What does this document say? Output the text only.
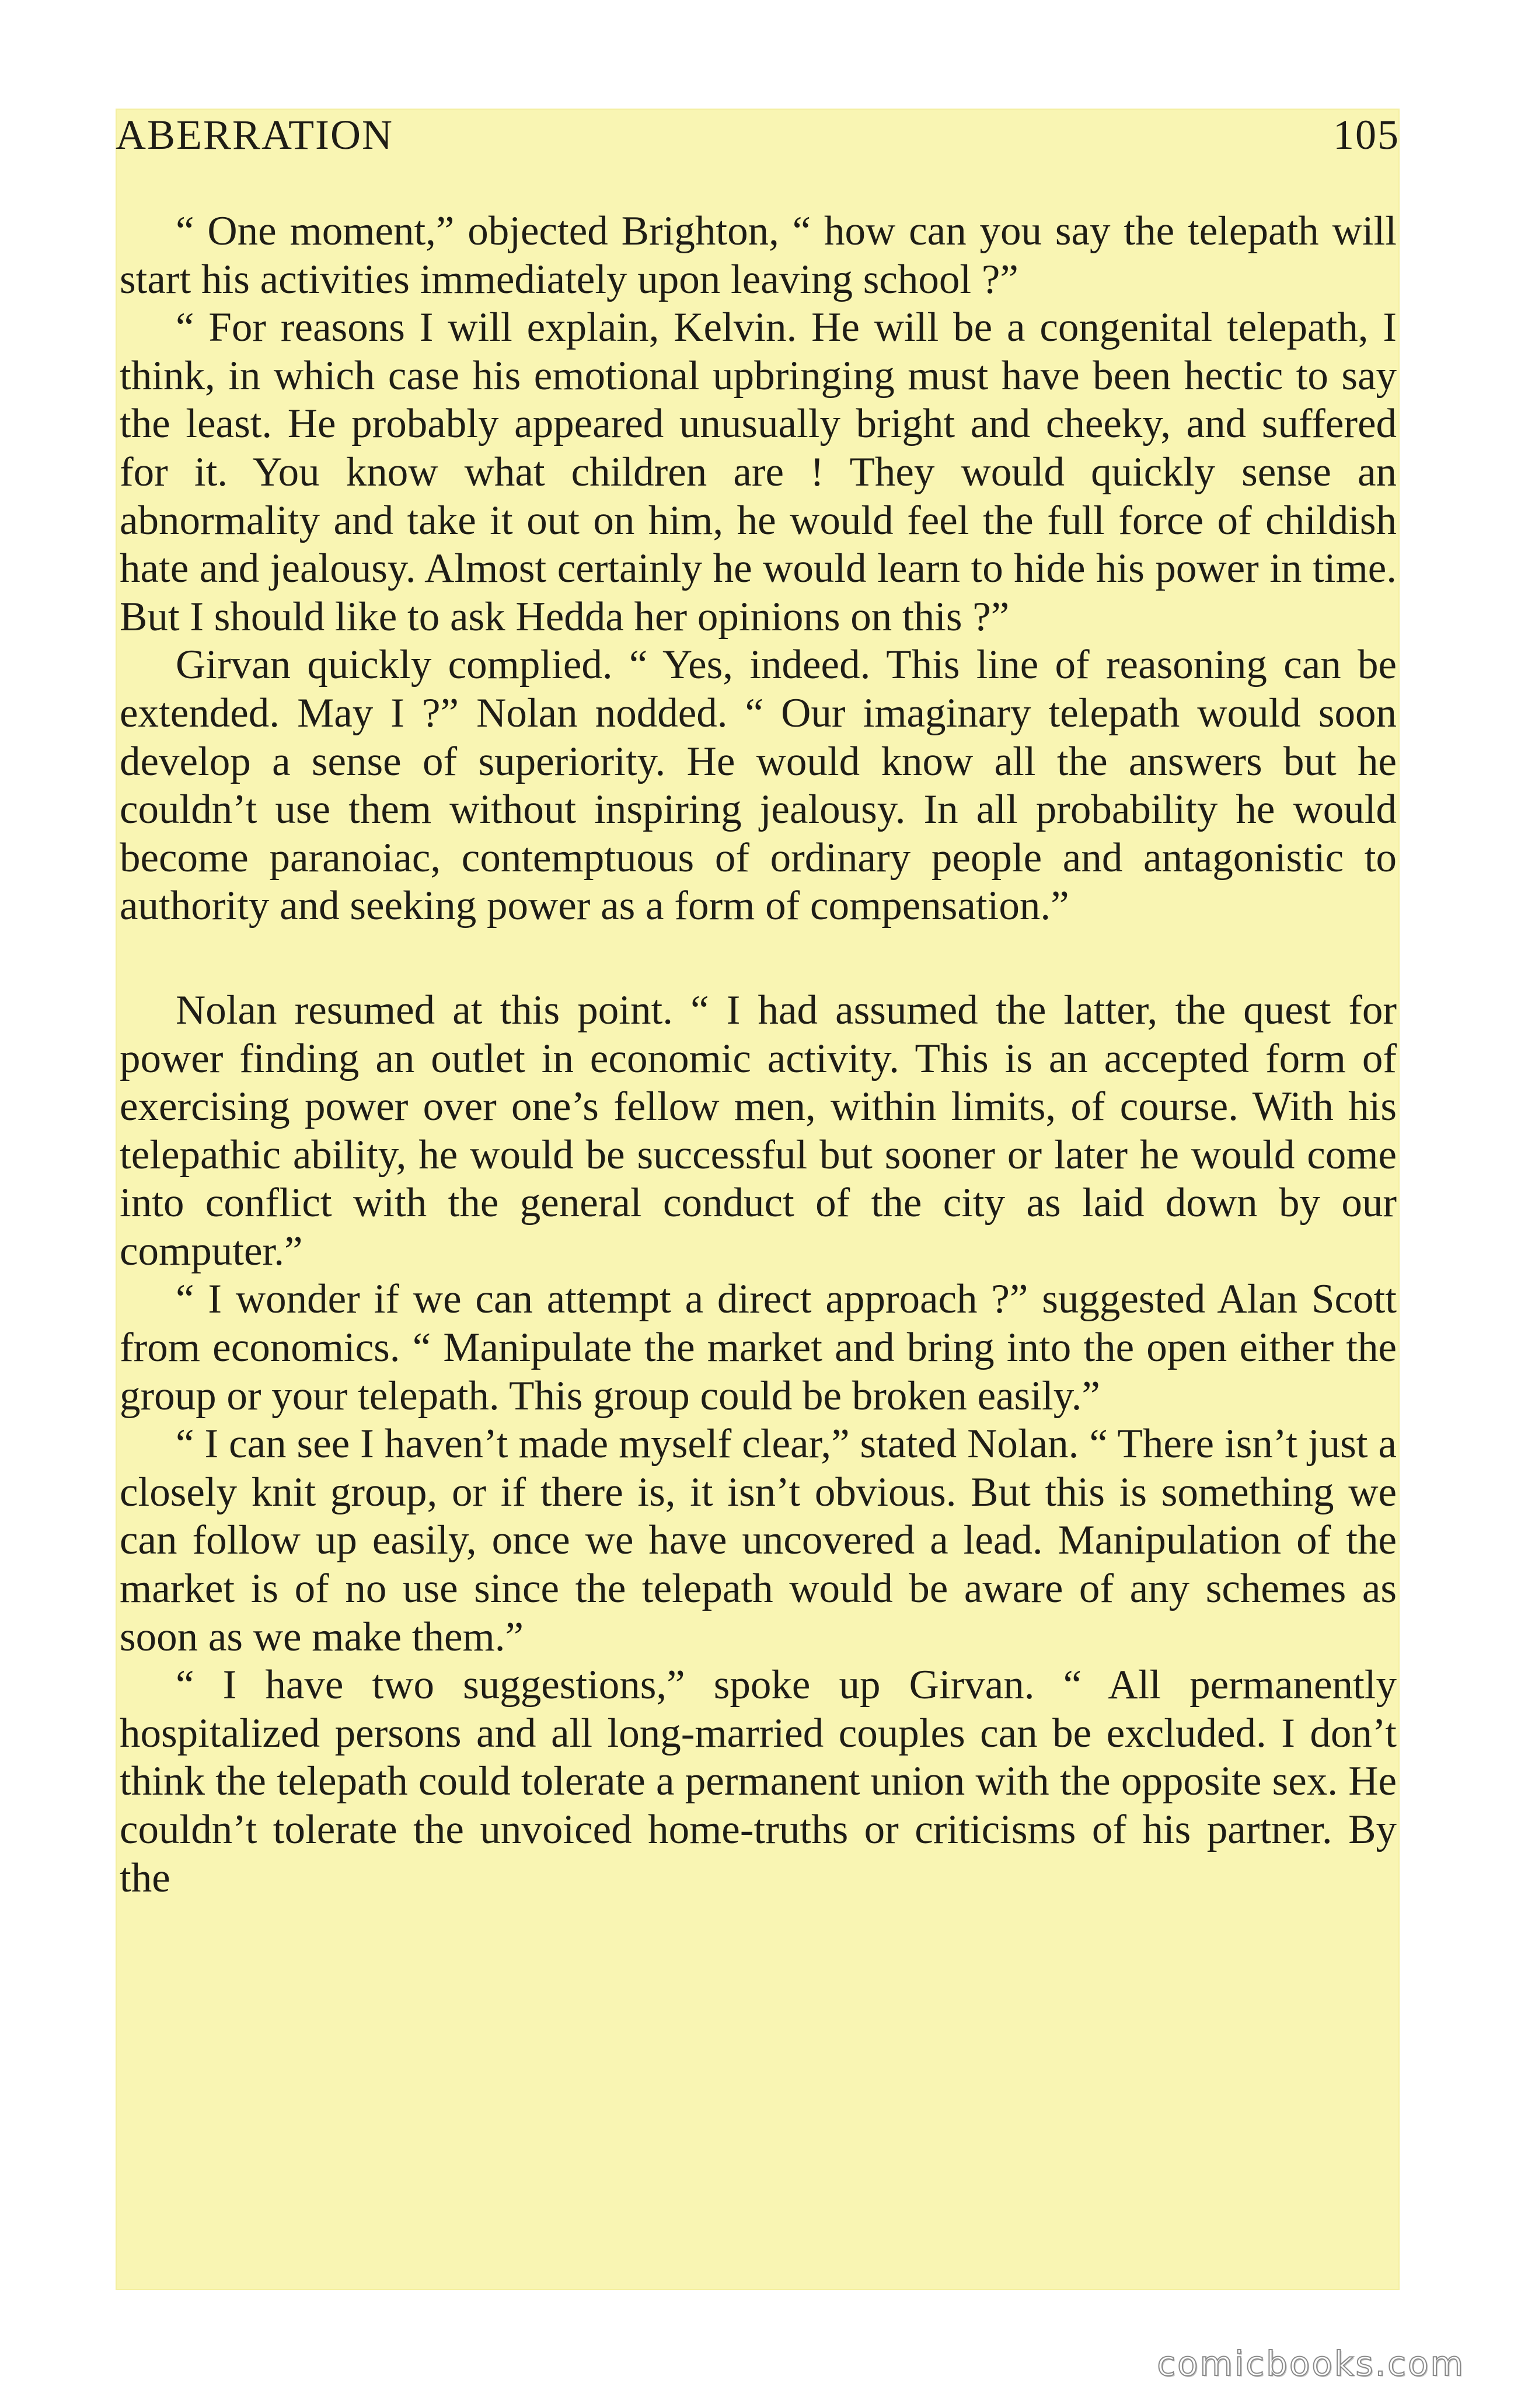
ABERRATION	105

“ One moment,” objected Brighton, “ how can you say the telepath will start his activities immediately upon leaving school ?”

“ For reasons I will explain, Kelvin. He will be a congenital telepath, I think, in which case his emotional upbringing must have been hectic to say the least. He probably appeared unusually bright and cheeky, and suffered for it. You know what children are ! They would quickly sense an abnormality and take it out on him, he would feel the full force of childish hate and jealousy. Almost certainly he would learn to hide his power in time. But I should like to ask Hedda her opinions on this ?”

Girvan quickly complied. “ Yes, indeed. This line of reasoning can be extended. May I ?” Nolan nodded. “ Our imaginary telepath would soon develop a sense of superiority. He would know all the answers but he couldn’t use them without inspiring jealousy. In all probability he would become paranoiac, contemptuous of ordinary people and antagonistic to authority and seeking power as a form of compensation.”

Nolan resumed at this point. “ I had assumed the latter, the quest for power finding an outlet in economic activity. This is an accepted form of exercising power over one’s fellow men, within limits, of course. With his telepathic ability, he would be successful but sooner or later he would come into conflict with the general conduct of the city as laid down by our computer.”

“ I wonder if we can attempt a direct approach ?” suggested Alan Scott from economics. “ Manipulate the market and bring into the open either the group or your telepath. This group could be broken easily.”

“ I can see I haven’t made myself clear,” stated Nolan. “ There isn’t just a closely knit group, or if there is, it isn’t obvious. But this is something we can follow up easily, once we have uncovered a lead. Manipulation of the market is of no use since the telepath would be aware of any schemes as soon as we make them.”

“ I have two suggestions,” spoke up Girvan. “ All permanently hospitalized persons and all long-married couples can be excluded. I don’t think the telepath could tolerate a permanent union with the opposite sex. He couldn’t tolerate the unvoiced home-truths or criticisms of his partner. By the

comicbooks.com
